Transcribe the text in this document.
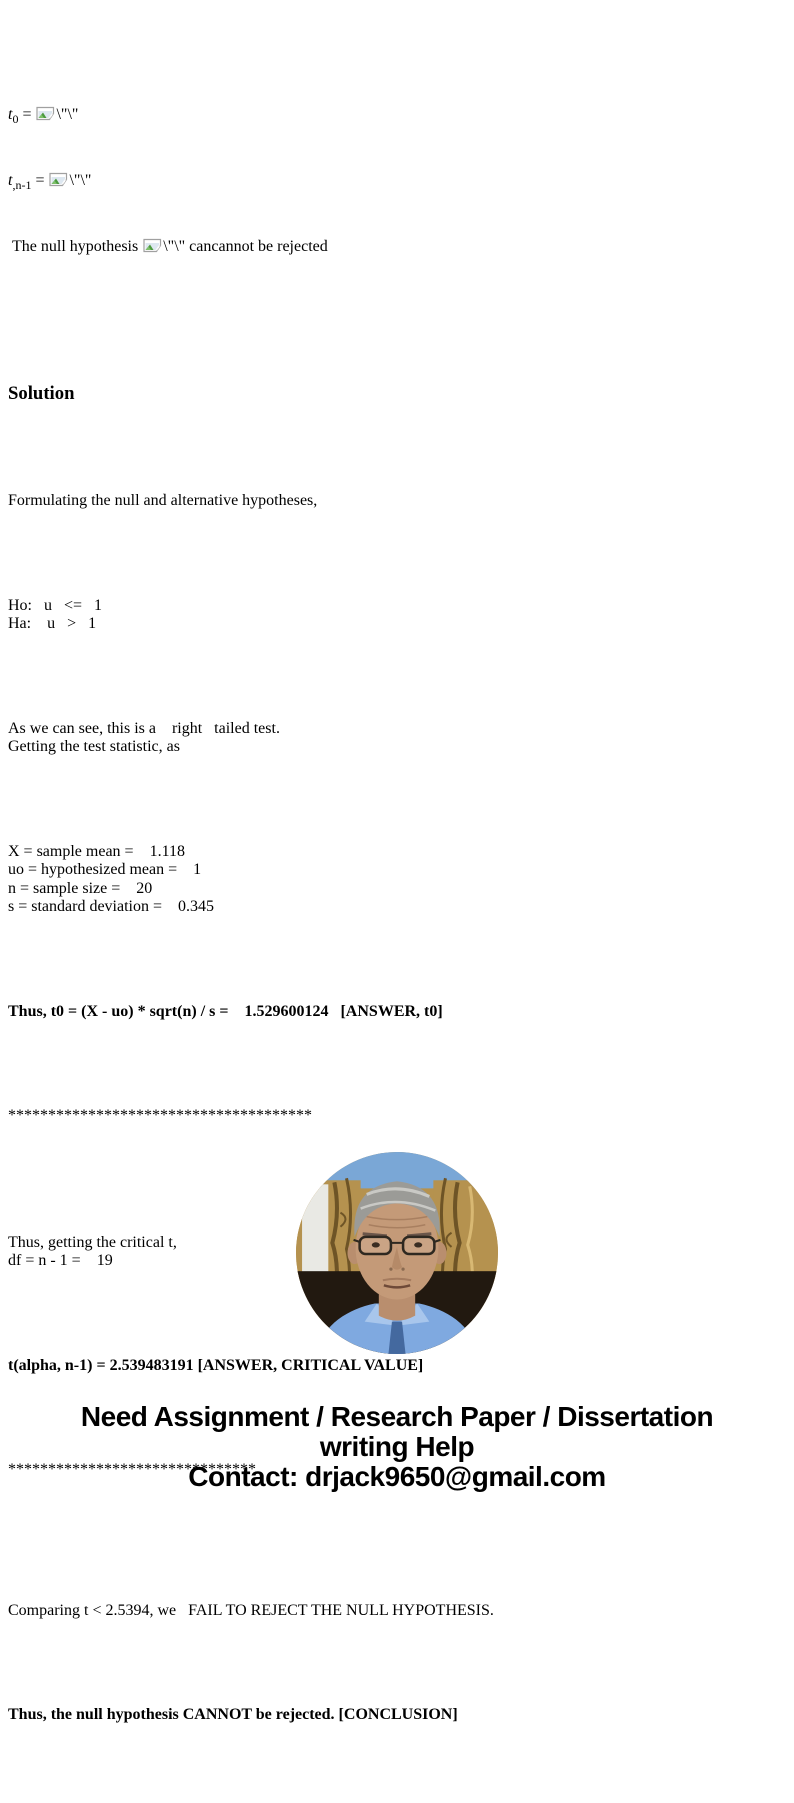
$t_0$ = \"\"

$t_{,n-1}$ = \"\"

The null hypothesis \"\" cancannot be rejected

Solution

Formulating the null and alternative hypotheses,

Ho:   u   <=   1
Ha:    u   >   1

As we can see, this is a    right   tailed test.
Getting the test statistic, as

X = sample mean =    1.118
uo = hypothesized mean =    1
n = sample size =    20
s = standard deviation =    0.345

Thus, t0 = (X - uo) * sqrt(n) / s =    1.529600124   [ANSWER, t0]

**************************************

Thus, getting the critical t,
df = n - 1 =    19

t(alpha, n-1) = 2.539483191 [ANSWER, CRITICAL VALUE]

*******************************

Comparing t < 2.5394, we   FAIL TO REJECT THE NULL HYPOTHESIS.

Thus, the null hypothesis CANNOT be rejected. [CONCLUSION]

Need Assignment / Research Paper / Dissertation
writing Help
Contact: drjack9650@gmail.com
